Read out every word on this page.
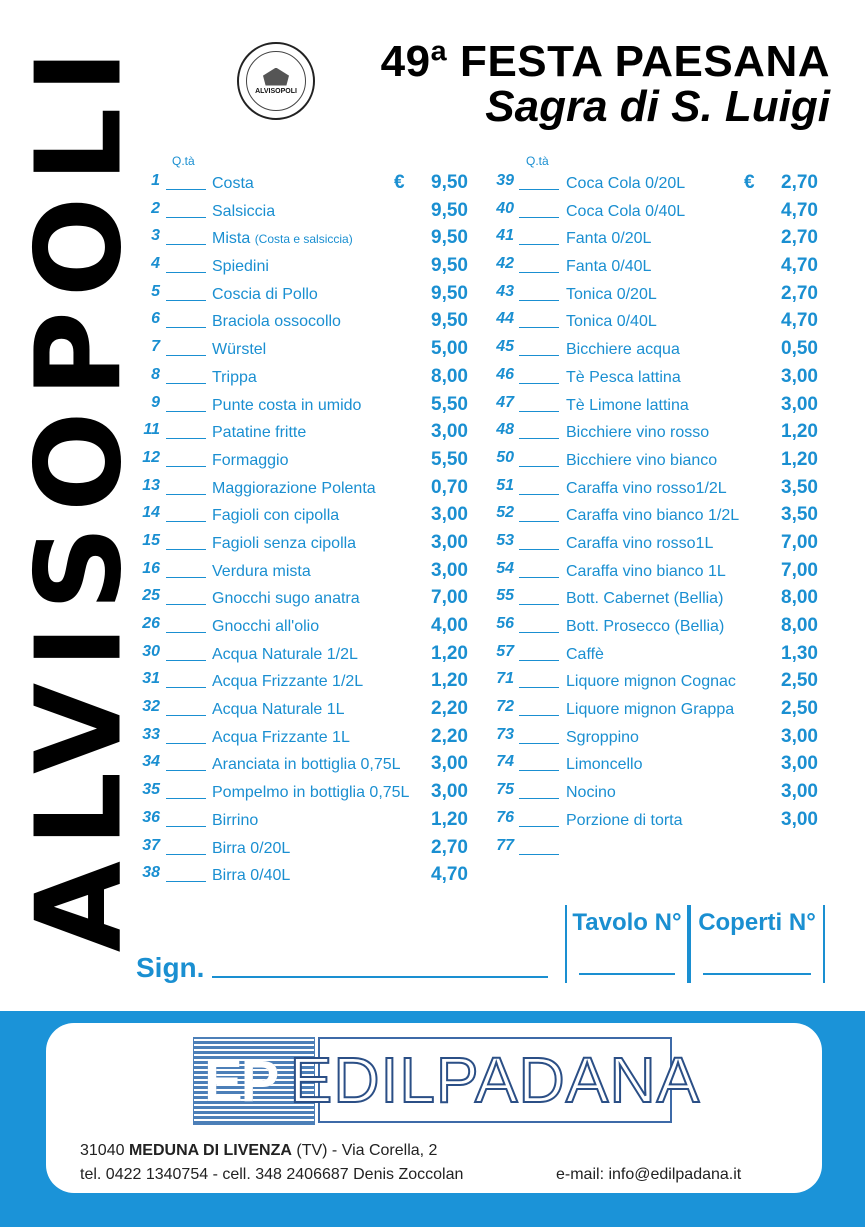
ALVISOPOLI	ALVISOPOLI
49ª FESTA PAESANA
Sagra di S. Luigi
Q.tà	Q.tà
1	Costa	€	9,50
2	Salsiccia	9,50
3	Mista (Costa e salsiccia)	9,50
4	Spiedini	9,50
5	Coscia di Pollo	9,50
6	Braciola ossocollo	9,50
7	Würstel	5,00
8	Trippa	8,00
9	Punte costa in umido	5,50
11	Patatine fritte	3,00
12	Formaggio	5,50
13	Maggiorazione Polenta	0,70
14	Fagioli con cipolla	3,00
15	Fagioli senza cipolla	3,00
16	Verdura mista	3,00
25	Gnocchi sugo anatra	7,00
26	Gnocchi all'olio	4,00
30	Acqua Naturale 1/2L	1,20
31	Acqua Frizzante 1/2L	1,20
32	Acqua Naturale 1L	2,20
33	Acqua Frizzante 1L	2,20
34	Aranciata in bottiglia 0,75L	3,00
35	Pompelmo in bottiglia 0,75L	3,00
36	Birrino	1,20
37	Birra 0/20L	2,70
38	Birra 0/40L	4,70
39	Coca Cola 0/20L	€	2,70
40	Coca Cola 0/40L	4,70
41	Fanta 0/20L	2,70
42	Fanta 0/40L	4,70
43	Tonica 0/20L	2,70
44	Tonica 0/40L	4,70
45	Bicchiere acqua	0,50
46	Tè Pesca lattina	3,00
47	Tè Limone lattina	3,00
48	Bicchiere vino rosso	1,20
50	Bicchiere vino bianco	1,20
51	Caraffa vino rosso1/2L	3,50
52	Caraffa vino bianco 1/2L	3,50
53	Caraffa vino rosso1L	7,00
54	Caraffa vino bianco 1L	7,00
55	Bott. Cabernet (Bellia)	8,00
56	Bott. Prosecco (Bellia)	8,00
57	Caffè	1,30
71	Liquore mignon Cognac	2,50
72	Liquore mignon Grappa	2,50
73	Sgroppino	3,00
74	Limoncello	3,00
75	Nocino	3,00
76	Porzione di torta	3,00
77
Sign.
Tavolo N° Coperti N°
EP EDILPADANA
31040 MEDUNA DI LIVENZA (TV) - Via Corella, 2
tel. 0422 1340754 - cell. 348 2406687 Denis Zoccolan	e-mail: info@edilpadana.it
